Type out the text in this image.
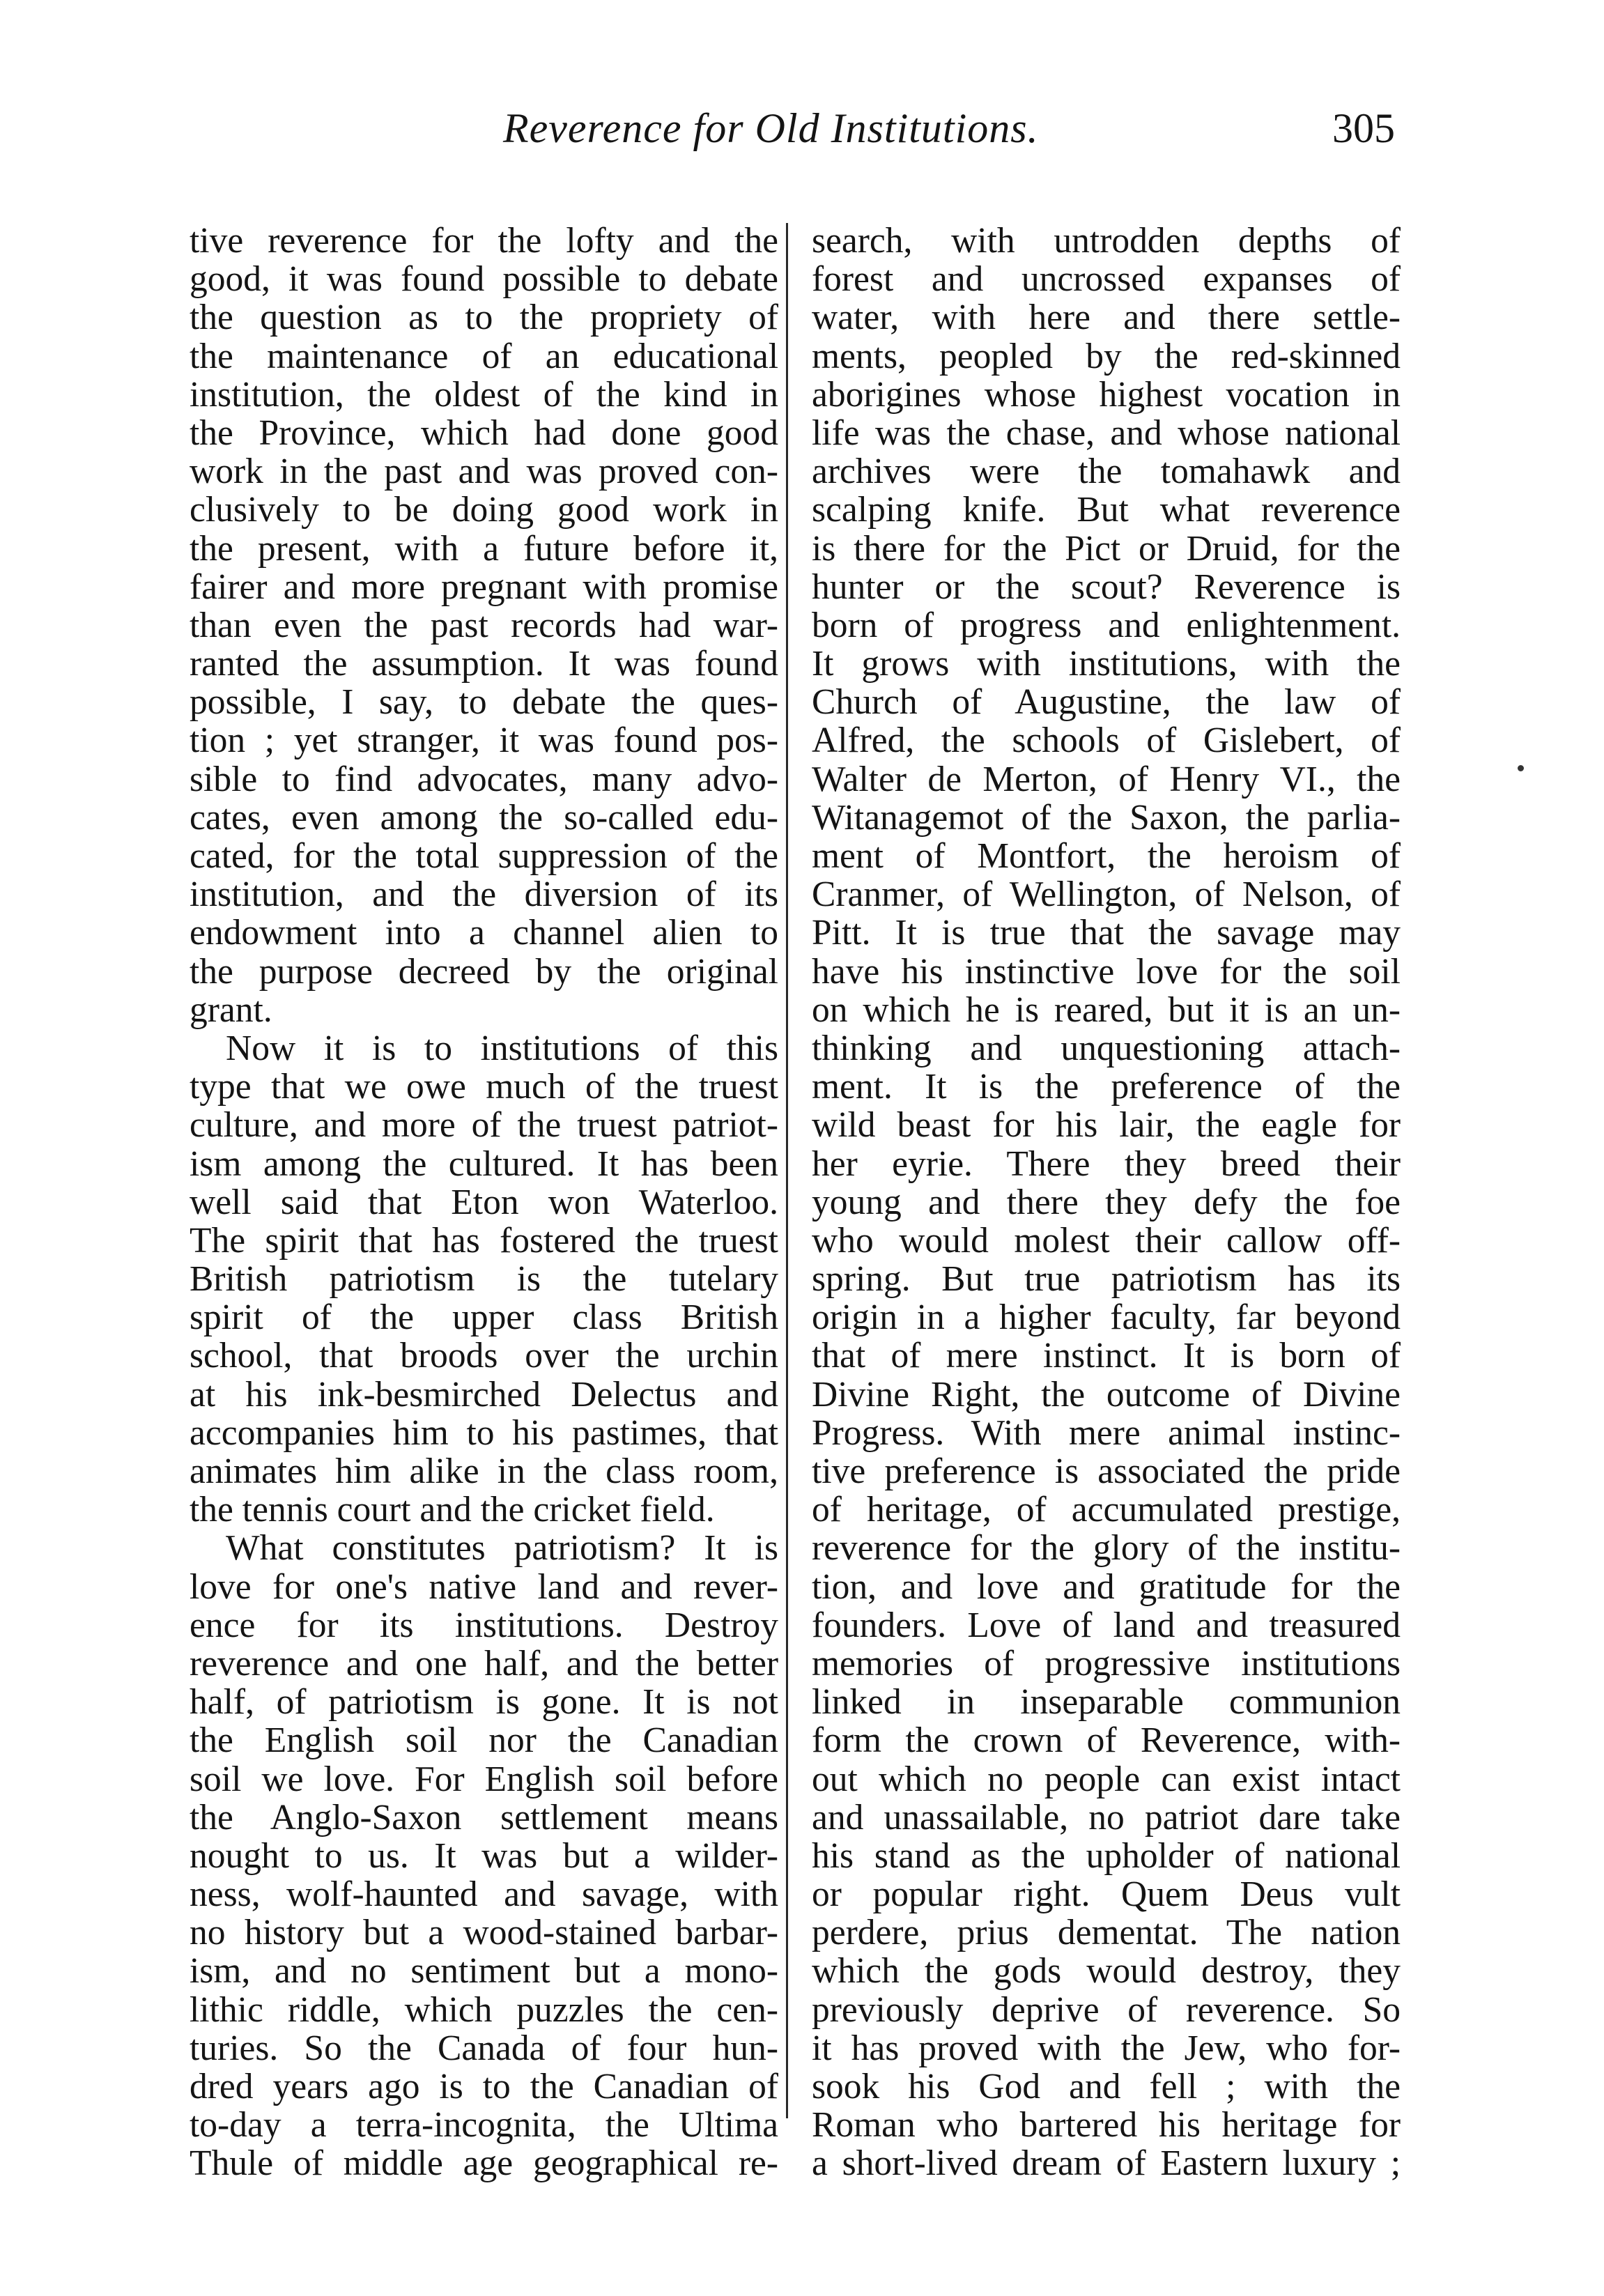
Reverence for Old Institutions.	305
tive reverence for the lofty and the
good, it was found possible to debate
the question as to the propriety of
the maintenance of an educational
institution, the oldest of the kind in
the Province, which had done good
work in the past and was proved con-
clusively to be doing good work in
the present, with a future before it,
fairer and more pregnant with promise
than even the past records had war-
ranted the assumption. It was found
possible, I say, to debate the ques-
tion ; yet stranger, it was found pos-
sible to find advocates, many advo-
cates, even among the so-called edu-
cated, for the total suppression of the
institution, and the diversion of its
endowment into a channel alien to
the purpose decreed by the original
grant.
Now it is to institutions of this
type that we owe much of the truest
culture, and more of the truest patriot-
ism among the cultured. It has been
well said that Eton won Waterloo.
The spirit that has fostered the truest
British patriotism is the tutelary
spirit of the upper class British
school, that broods over the urchin
at his ink-besmirched Delectus and
accompanies him to his pastimes, that
animates him alike in the class room,
the tennis court and the cricket field.
What constitutes patriotism? It is
love for one's native land and rever-
ence for its institutions. Destroy
reverence and one half, and the better
half, of patriotism is gone. It is not
the English soil nor the Canadian
soil we love. For English soil before
the Anglo-Saxon settlement means
nought to us. It was but a wilder-
ness, wolf-haunted and savage, with
no history but a wood-stained barbar-
ism, and no sentiment but a mono-
lithic riddle, which puzzles the cen-
turies. So the Canada of four hun-
dred years ago is to the Canadian of
to-day a terra-incognita, the Ultima
Thule of middle age geographical re-
search, with untrodden depths of
forest and uncrossed expanses of
water, with here and there settle-
ments, peopled by the red-skinned
aborigines whose highest vocation in
life was the chase, and whose national
archives were the tomahawk and
scalping knife. But what reverence
is there for the Pict or Druid, for the
hunter or the scout? Reverence is
born of progress and enlightenment.
It grows with institutions, with the
Church of Augustine, the law of
Alfred, the schools of Gislebert, of
Walter de Merton, of Henry VI., the
Witanagemot of the Saxon, the parlia-
ment of Montfort, the heroism of
Cranmer, of Wellington, of Nelson, of
Pitt. It is true that the savage may
have his instinctive love for the soil
on which he is reared, but it is an un-
thinking and unquestioning attach-
ment. It is the preference of the
wild beast for his lair, the eagle for
her eyrie. There they breed their
young and there they defy the foe
who would molest their callow off-
spring. But true patriotism has its
origin in a higher faculty, far beyond
that of mere instinct. It is born of
Divine Right, the outcome of Divine
Progress. With mere animal instinc-
tive preference is associated the pride
of heritage, of accumulated prestige,
reverence for the glory of the institu-
tion, and love and gratitude for the
founders. Love of land and treasured
memories of progressive institutions
linked in inseparable communion
form the crown of Reverence, with-
out which no people can exist intact
and unassailable, no patriot dare take
his stand as the upholder of national
or popular right. Quem Deus vult
perdere, prius dementat. The nation
which the gods would destroy, they
previously deprive of reverence. So
it has proved with the Jew, who for-
sook his God and fell ; with the
Roman who bartered his heritage for
a short-lived dream of Eastern luxury ;
